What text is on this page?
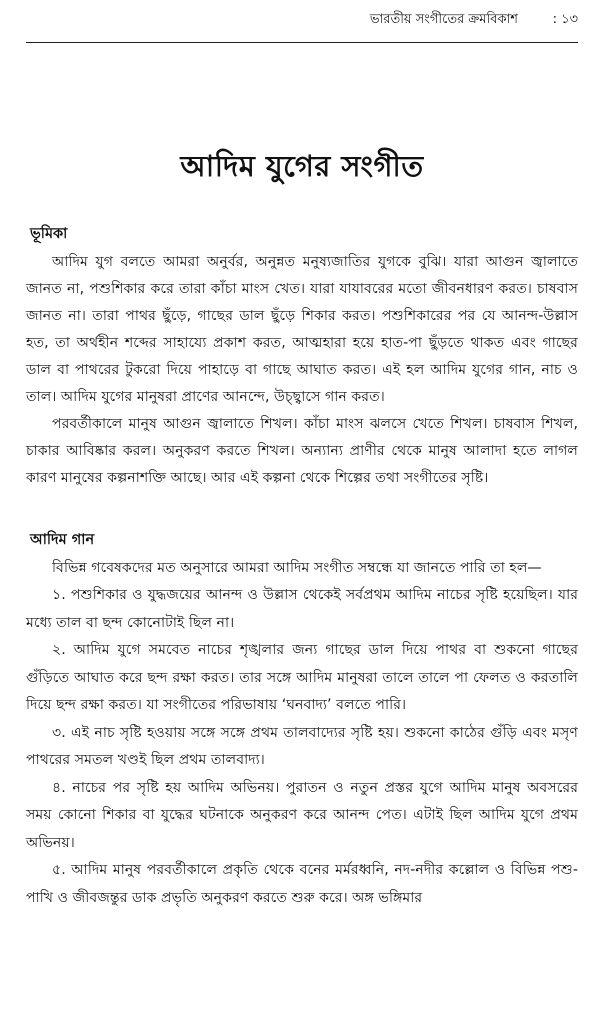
ভারতীয় সংগীতের ক্রমবিকাশ	: ১৩
আদিম যুগের সংগীত
ভূমিকা

আদিম যুগ বলতে আমরা অনুর্বর, অনুন্নত মনুষ্যজাতির যুগকে বুঝি। যারা আগুন জ্বালাতে জানত না, পশুশিকার করে তারা কাঁচা মাংস খেত। যারা যাযাবরের মতো জীবনধারণ করত। চাষবাস জানত না। তারা পাথর ছুঁড়ে, গাছের ডাল ছুঁড়ে শিকার করত। পশুশিকারের পর যে আনন্দ-উল্লাস হত, তা অর্থহীন শব্দের সাহায্যে প্রকাশ করত, আত্মহারা হয়ে হাত-পা ছুঁড়তে থাকত এবং গাছের ডাল বা পাথরের টুকরো দিয়ে পাহাড়ে বা গাছে আঘাত করত। এই হল আদিম যুগের গান, নাচ ও তাল। আদিম যুগের মানুষরা প্রাণের আনন্দে, উচ্ছ্বাসে গান করত।

পরবর্তীকালে মানুষ আগুন জ্বালাতে শিখল। কাঁচা মাংস ঝলসে খেতে শিখল। চাষবাস শিখল, চাকার আবিষ্কার করল। অনুকরণ করতে শিখল। অন্যান্য প্রাণীর থেকে মানুষ আলাদা হতে লাগল কারণ মানুষের কল্পনাশক্তি আছে। আর এই কল্পনা থেকে শিল্পের তথা সংগীতের সৃষ্টি।

আদিম গান

বিভিন্ন গবেষকদের মত অনুসারে আমরা আদিম সংগীত সম্বন্ধে যা জানতে পারি তা হল—

১. পশুশিকার ও যুদ্ধজয়ের আনন্দ ও উল্লাস থেকেই সর্বপ্রথম আদিম নাচের সৃষ্টি হয়েছিল। যার মধ্যে তাল বা ছন্দ কোনোটাই ছিল না।

২. আদিম যুগে সমবেত নাচের শৃঙ্খলার জন্য গাছের ডাল দিয়ে পাথর বা শুকনো গাছের গুঁড়িতে আঘাত করে ছন্দ রক্ষা করত। তার সঙ্গে আদিম মানুষরা তালে তালে পা ফেলত ও করতালি দিয়ে ছন্দ রক্ষা করত। যা সংগীতের পরিভাষায় ‘ঘনবাদ্য’ বলতে পারি।

৩. এই নাচ সৃষ্টি হওয়ায় সঙ্গে সঙ্গে প্রথম তালবাদ্যের সৃষ্টি হয়। শুকনো কাঠের গুঁড়ি এবং মসৃণ পাথরের সমতল খণ্ডই ছিল প্রথম তালবাদ্য।

৪. নাচের পর সৃষ্টি হয় আদিম অভিনয়। পুরাতন ও নতুন প্রস্তর যুগে আদিম মানুষ অবসরের সময় কোনো শিকার বা যুদ্ধের ঘটনাকে অনুকরণ করে আনন্দ পেত। এটাই ছিল আদিম যুগে প্রথম অভিনয়।

৫. আদিম মানুষ পরবর্তীকালে প্রকৃতি থেকে বনের মর্মরধ্বনি, নদ-নদীর কল্লোল ও বিভিন্ন পশু-পাখি ও জীবজন্তুর ডাক প্রভৃতি অনুকরণ করতে শুরু করে। অঙ্গ ভঙ্গিমার
